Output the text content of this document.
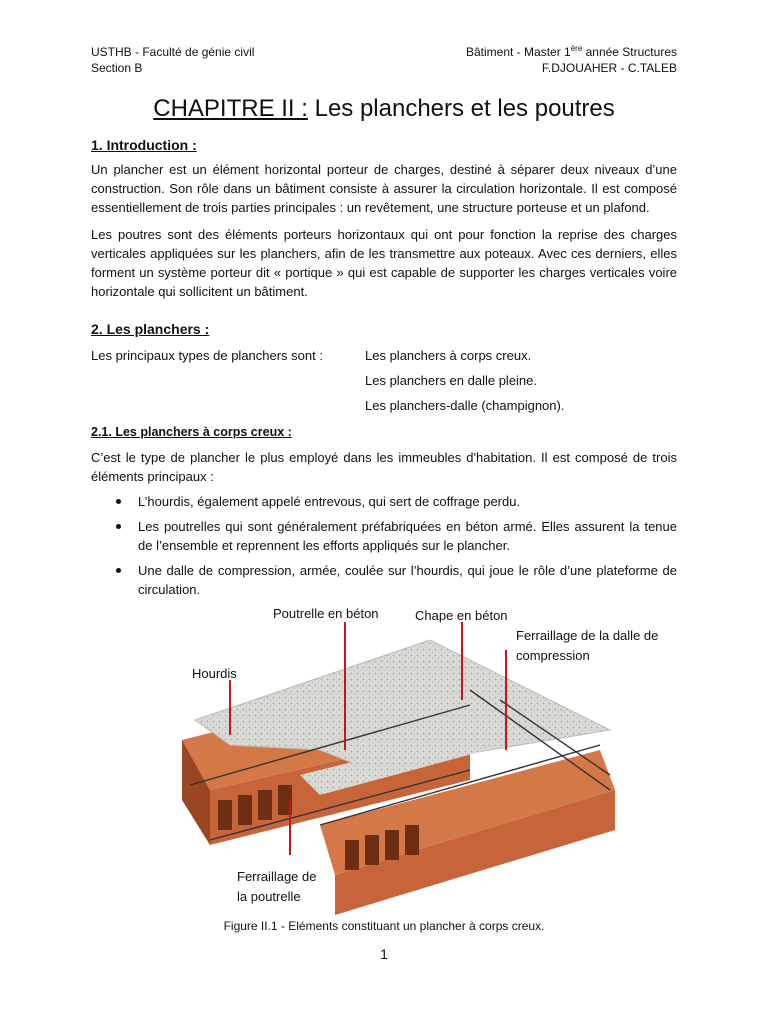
USTHB - Faculté de génie civil
Section B
Bâtiment - Master 1ère année Structures
F.DJOUAHER - C.TALEB
CHAPITRE II : Les planchers et les poutres
1. Introduction :

Un plancher est un élément horizontal porteur de charges, destiné à séparer deux niveaux d’une construction. Son rôle dans un bâtiment consiste à assurer la circulation horizontale. Il est composé essentiellement de trois parties principales : un revêtement, une structure porteuse et un plafond.

Les poutres sont des éléments porteurs horizontaux qui ont pour fonction la reprise des charges verticales appliquées sur les planchers, afin de les transmettre aux poteaux. Avec ces derniers, elles forment un système porteur dit « portique » qui est capable de supporter les charges verticales voire horizontale qui sollicitent un bâtiment.

2. Les planchers :
Les principaux types de planchers sont :	Les planchers à corps creux.
Les planchers en dalle pleine.
Les planchers-dalle (champignon).
2.1. Les planchers à corps creux :

C’est le type de plancher le plus employé dans les immeubles d'habitation. Il est composé de trois éléments principaux :

L’hourdis, également appelé entrevous, qui sert de coffrage perdu.
Les poutrelles qui sont généralement préfabriquées en béton armé. Elles assurent la tenue de l’ensemble et reprennent les efforts appliqués sur le plancher.
Une dalle de compression, armée, coulée sur l’hourdis, qui joue le rôle d’une plateforme de circulation.
Poutrelle en béton	Chape en béton
Ferraillage de la dalle de
compression
Hourdis
Ferraillage de
la poutrelle
Figure II.1 - Eléments constituant un plancher à corps creux.
1
